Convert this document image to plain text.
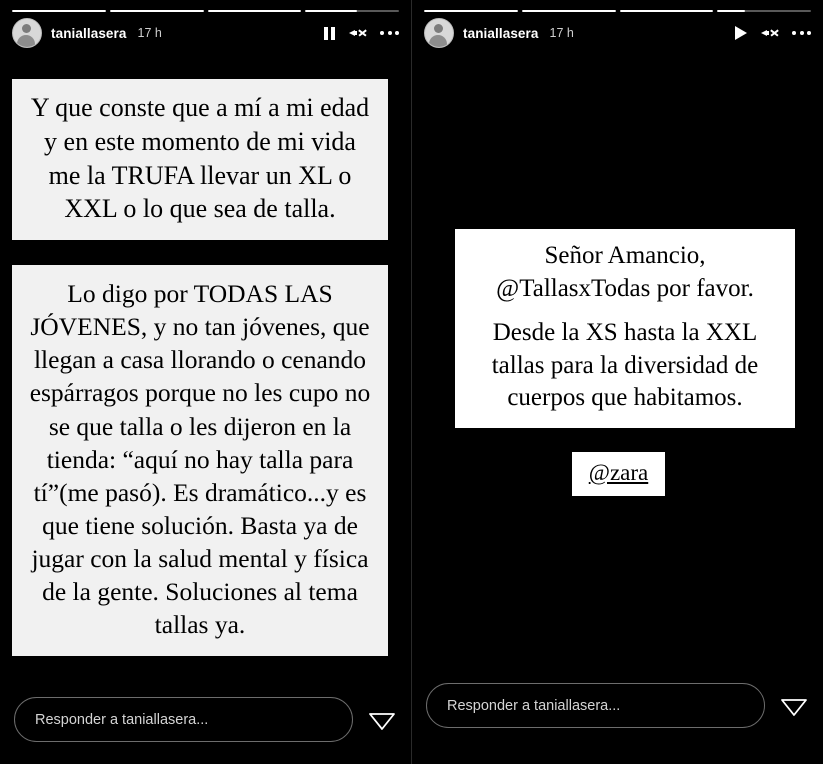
taniallasera 17 h
Y que conste que a mí a mi edad y en este momento de mi vida me la TRUFA llevar un XL o XXL o lo que sea de talla.
Lo digo por TODAS LAS JÓVENES, y no tan jóvenes, que llegan a casa llorando o cenando espárragos porque no les cupo no se que talla o les dijeron en la tienda: “aquí no hay talla para tí”(me pasó). Es dramático...y es que tiene solución. Basta ya de jugar con la salud mental y física de la gente. Soluciones al tema tallas ya.
Responder a taniallasera...
taniallasera 17 h
Señor Amancio, @TallasxTodas por favor.
Desde la XS hasta la XXL tallas para la diversidad de cuerpos que habitamos.
@zara
Responder a taniallasera...
